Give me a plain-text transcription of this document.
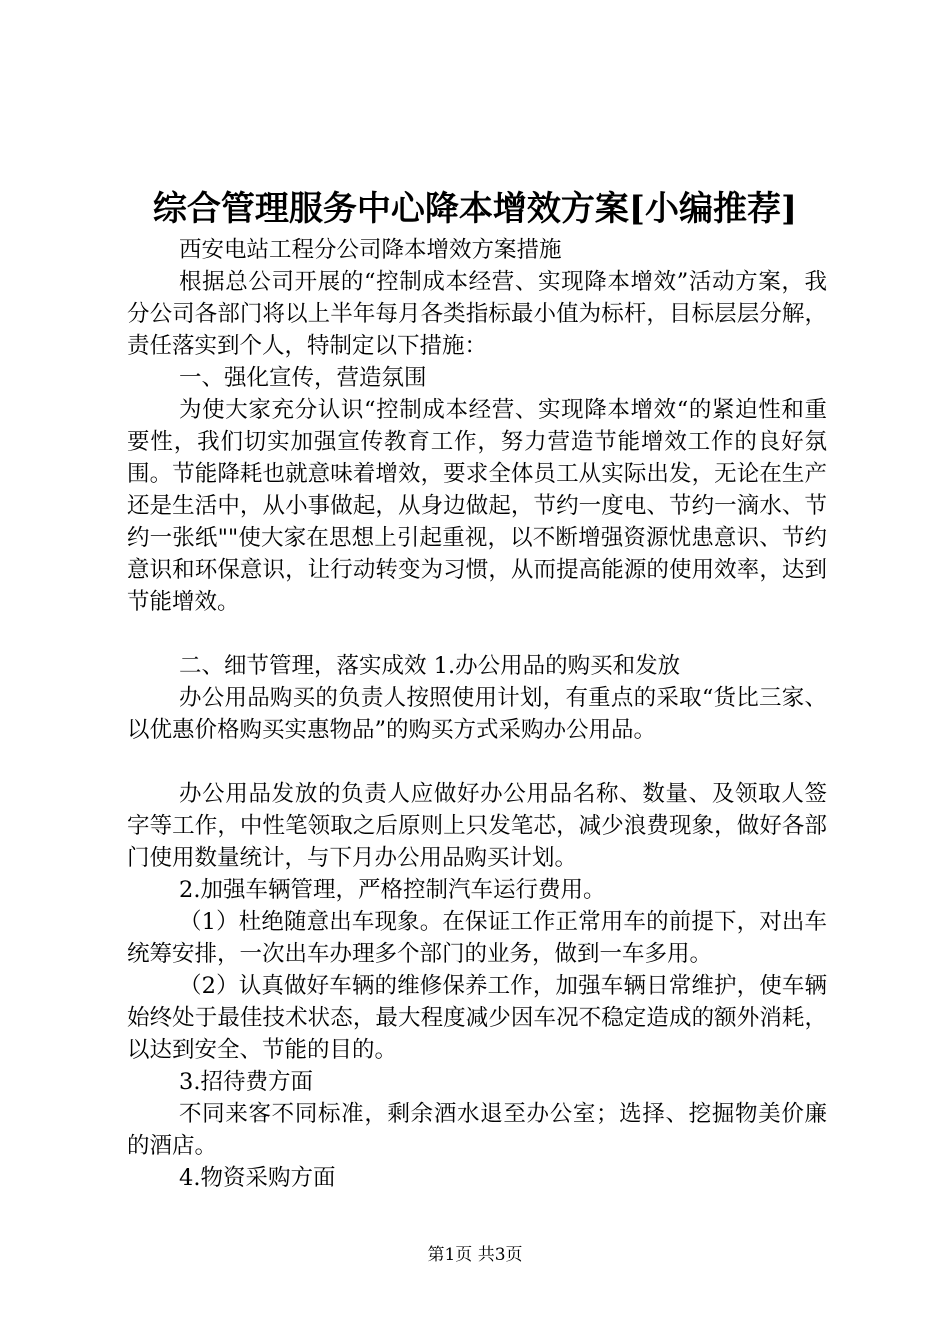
综合管理服务中心降本增效方案[小编推荐]

西安电站工程分公司降本增效方案措施

根据总公司开展的“控制成本经营、实现降本增效”活动方案，我分公司各部门将以上半年每月各类指标最小值为标杆，目标层层分解，责任落实到个人，特制定以下措施：

一、强化宣传，营造氛围

为使大家充分认识“控制成本经营、实现降本增效“的紧迫性和重要性，我们切实加强宣传教育工作，努力营造节能增效工作的良好氛围。节能降耗也就意味着增效，要求全体员工从实际出发，无论在生产还是生活中，从小事做起，从身边做起，节约一度电、节约一滴水、节约一张纸""使大家在思想上引起重视，以不断增强资源忧患意识、节约意识和环保意识，让行动转变为习惯，从而提高能源的使用效率，达到节能增效。

二、细节管理，落实成效 1.办公用品的购买和发放

办公用品购买的负责人按照使用计划，有重点的采取“货比三家、以优惠价格购买实惠物品”的购买方式采购办公用品。

办公用品发放的负责人应做好办公用品名称、数量、及领取人签字等工作，中性笔领取之后原则上只发笔芯，减少浪费现象，做好各部门使用数量统计，与下月办公用品购买计划。

2.加强车辆管理，严格控制汽车运行费用。

（1）杜绝随意出车现象。在保证工作正常用车的前提下，对出车统筹安排，一次出车办理多个部门的业务，做到一车多用。

（2）认真做好车辆的维修保养工作，加强车辆日常维护，使车辆始终处于最佳技术状态，最大程度减少因车况不稳定造成的额外消耗，以达到安全、节能的目的。

3.招待费方面

不同来客不同标准，剩余酒水退至办公室；选择、挖掘物美价廉的酒店。

4.物资采购方面

第1页 共3页
